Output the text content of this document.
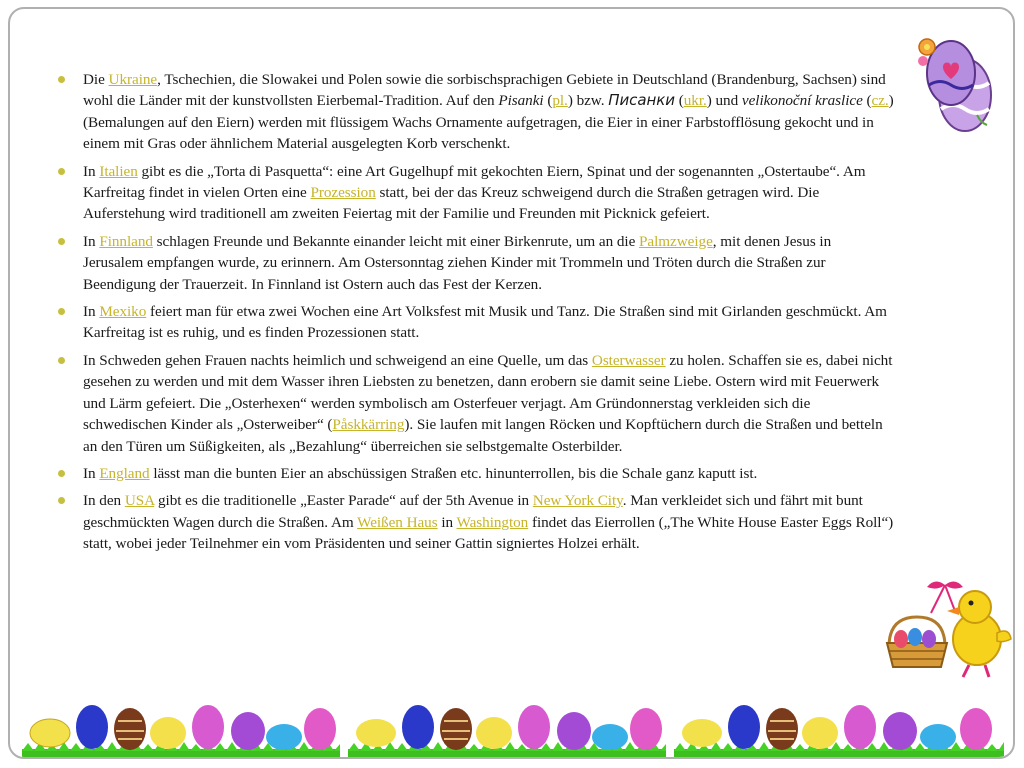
Die Ukraine, Tschechien, die Slowakei und Polen sowie die sorbischsprachigen Gebiete in Deutschland (Brandenburg, Sachsen) sind wohl die Länder mit der kunstvollsten Eierbemal-Tradition. Auf den Pisanki (pl.) bzw. Писанки (ukr.) und velikonoční kraslice (cz.) (Bemalungen auf den Eiern) werden mit flüssigem Wachs Ornamente aufgetragen, die Eier in einer Farbstofflösung gekocht und in einem mit Gras oder ähnlichem Material ausgelegten Korb verschenkt.
In Italien gibt es die „Torta di Pasquetta“: eine Art Gugelhupf mit gekochten Eiern, Spinat und der sogenannten „Ostertaube“. Am Karfreitag findet in vielen Orten eine Prozession statt, bei der das Kreuz schweigend durch die Straßen getragen wird. Die Auferstehung wird traditionell am zweiten Feiertag mit der Familie und Freunden mit Picknick gefeiert.
In Finnland schlagen Freunde und Bekannte einander leicht mit einer Birkenrute, um an die Palmzweige, mit denen Jesus in Jerusalem empfangen wurde, zu erinnern. Am Ostersonntag ziehen Kinder mit Trommeln und Tröten durch die Straßen zur Beendigung der Trauerzeit. In Finnland ist Ostern auch das Fest der Kerzen.
In Mexiko feiert man für etwa zwei Wochen eine Art Volksfest mit Musik und Tanz. Die Straßen sind mit Girlanden geschmückt. Am Karfreitag ist es ruhig, und es finden Prozessionen statt.
In Schweden gehen Frauen nachts heimlich und schweigend an eine Quelle, um das Osterwasser zu holen. Schaffen sie es, dabei nicht gesehen zu werden und mit dem Wasser ihren Liebsten zu benetzen, dann erobern sie damit seine Liebe. Ostern wird mit Feuerwerk und Lärm gefeiert. Die „Osterhexen“ werden symbolisch am Osterfeuer verjagt. Am Gründonnerstag verkleiden sich die schwedischen Kinder als „Osterweiber“ (Påskkärring). Sie laufen mit langen Röcken und Kopftüchern durch die Straßen und betteln an den Türen um Süßigkeiten, als „Bezahlung“ überreichen sie selbstgemalte Osterbilder.
In England lässt man die bunten Eier an abschüssigen Straßen etc. hinunterrollen, bis die Schale ganz kaputt ist.
In den USA gibt es die traditionelle „Easter Parade“ auf der 5th Avenue in New York City. Man verkleidet sich und fährt mit bunt geschmückten Wagen durch die Straßen. Am Weißen Haus in Washington findet das Eierrollen („The White House Easter Eggs Roll“) statt, wobei jeder Teilnehmer ein vom Präsidenten und seiner Gattin signiertes Holzei erhält.
